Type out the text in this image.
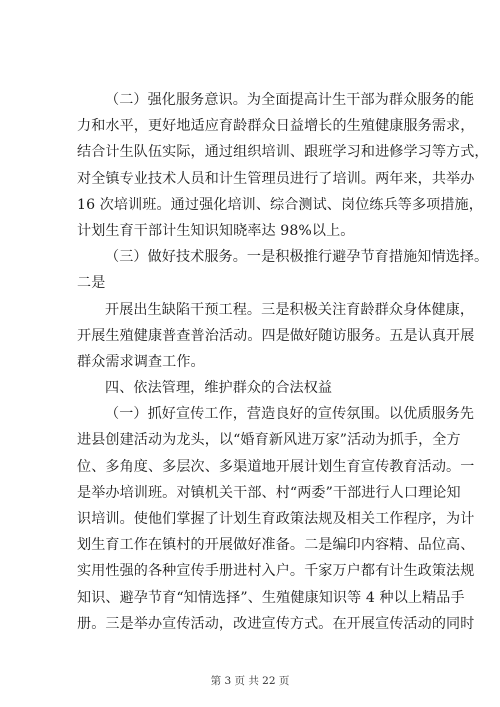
（二）强化服务意识。为全面提高计生干部为群众服务的能
力和水平，更好地适应育龄群众日益增长的生殖健康服务需求，
结合计生队伍实际，通过组织培训、跟班学习和进修学习等方式，
对全镇专业技术人员和计生管理员进行了培训。两年来，共举办
16 次培训班。通过强化培训、综合测试、岗位练兵等多项措施，
计划生育干部计生知识知晓率达 98%以上。
（三）做好技术服务。一是积极推行避孕节育措施知情选择。
二是
开展出生缺陷干预工程。三是积极关注育龄群众身体健康，
开展生殖健康普查普治活动。四是做好随访服务。五是认真开展
群众需求调查工作。
四、依法管理，维护群众的合法权益
（一）抓好宣传工作，营造良好的宣传氛围。以优质服务先
进县创建活动为龙头，以“婚育新风进万家”活动为抓手，全方
位、多角度、多层次、多渠道地开展计划生育宣传教育活动。一
是举办培训班。对镇机关干部、村“两委”干部进行人口理论知
识培训。使他们掌握了计划生育政策法规及相关工作程序，为计
划生育工作在镇村的开展做好准备。二是编印内容精、品位高、
实用性强的各种宣传手册进村入户。千家万户都有计生政策法规
知识、避孕节育“知情选择”、生殖健康知识等 4 种以上精品手
册。三是举办宣传活动，改进宣传方式。在开展宣传活动的同时
第 3 页 共 22 页
